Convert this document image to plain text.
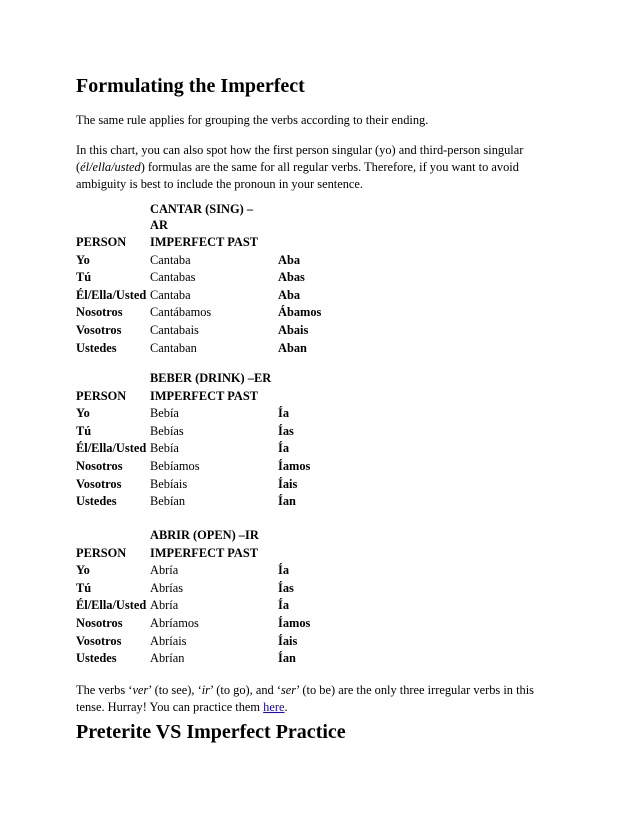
Formulating the Imperfect

The same rule applies for grouping the verbs according to their ending.

In this chart, you can also spot how the first person singular (yo) and third-person singular (él/ella/usted) formulas are the same for all regular verbs. Therefore, if you want to avoid ambiguity is best to include the pronoun in your sentence.

	CANTAR (SING) –
AR	
PERSON	IMPERFECT PAST	
Yo	Cantaba	Aba
Tú	Cantabas	Abas
Él/Ella/Usted	Cantaba	Aba
Nosotros	Cantábamos	Ábamos
Vosotros	Cantabais	Abais
Ustedes	Cantaban	Aban
	BEBER (DRINK) –ER	
PERSON	IMPERFECT PAST	
Yo	Bebía	Ía
Tú	Bebías	Ías
Él/Ella/Usted	Bebía	Ía
Nosotros	Bebíamos	Íamos
Vosotros	Bebíais	Íais
Ustedes	Bebían	Ían
	ABRIR (OPEN) –IR	
PERSON	IMPERFECT PAST	
Yo	Abría	Ía
Tú	Abrías	Ías
Él/Ella/Usted	Abría	Ía
Nosotros	Abríamos	Íamos
Vosotros	Abríais	Íais
Ustedes	Abrían	Ían

The verbs ‘ver’ (to see), ‘ir’ (to go), and ‘ser’ (to be) are the only three irregular verbs in this tense. Hurray! You can practice them here.

Preterite VS Imperfect Practice
